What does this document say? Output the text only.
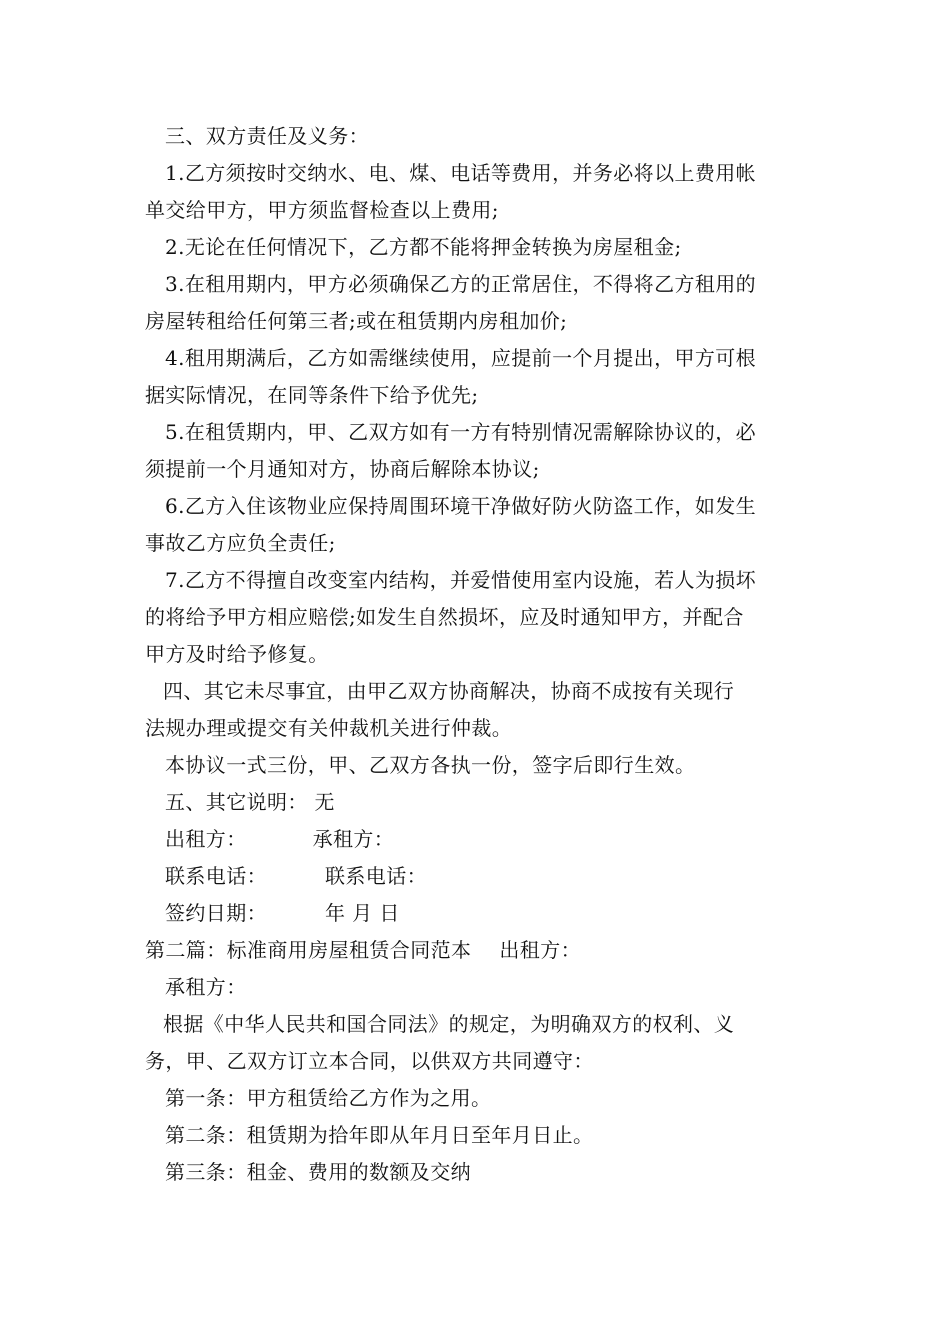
三、双方责任及义务：
1.乙方须按时交纳水、电、煤、电话等费用，并务必将以上费用帐
单交给甲方，甲方须监督检查以上费用;
2.无论在任何情况下，乙方都不能将押金转换为房屋租金;
3.在租用期内，甲方必须确保乙方的正常居住，不得将乙方租用的
房屋转租给任何第三者;或在租赁期内房租加价;
4.租用期满后，乙方如需继续使用，应提前一个月提出，甲方可根
据实际情况，在同等条件下给予优先;
5.在租赁期内，甲、乙双方如有一方有特别情况需解除协议的，必
须提前一个月通知对方，协商后解除本协议;
6.乙方入住该物业应保持周围环境干净做好防火防盗工作，如发生
事故乙方应负全责任;
7.乙方不得擅自改变室内结构，并爱惜使用室内设施，若人为损坏
的将给予甲方相应赔偿;如发生自然损坏，应及时通知甲方，并配合
甲方及时给予修复。
四、其它未尽事宜，由甲乙双方协商解决，协商不成按有关现行
法规办理或提交有关仲裁机关进行仲裁。
本协议一式三份，甲、乙双方各执一份，签字后即行生效。
五、其它说明： 无
出租方：	承租方：
联系电话：	联系电话：
签约日期：	年 月 日
第二篇：标准商用房屋租赁合同范本 出租方：
承租方：
根据《中华人民共和国合同法》的规定，为明确双方的权利、义
务，甲、乙双方订立本合同，以供双方共同遵守：
第一条：甲方租赁给乙方作为之用。
第二条：租赁期为拾年即从年月日至年月日止。
第三条：租金、费用的数额及交纳
